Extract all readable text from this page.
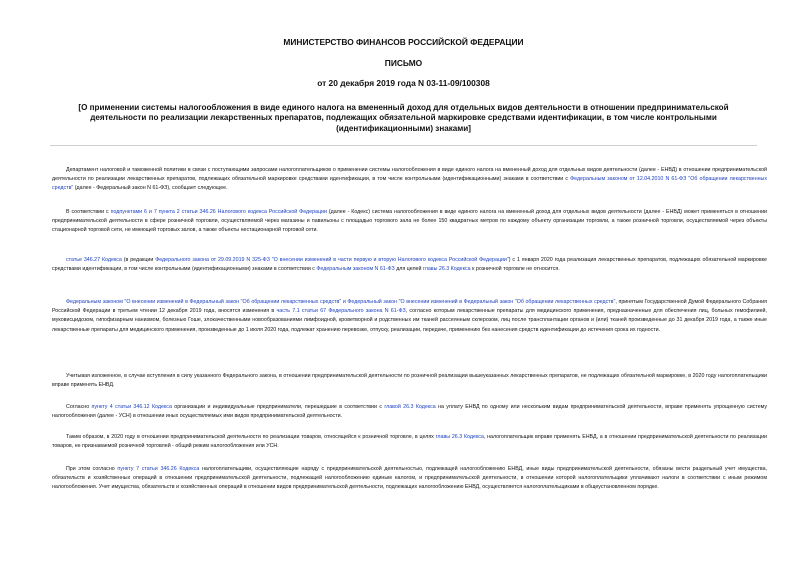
МИНИСТЕРСТВО ФИНАНСОВ РОССИЙСКОЙ ФЕДЕРАЦИИ
ПИСЬМО
от 20 декабря 2019 года N 03-11-09/100308
[О применении системы налогообложения в виде единого налога на вмененный доход для отдельных видов деятельности в отношении предпринимательской деятельности по реализации лекарственных препаратов, подлежащих обязательной маркировке средствами идентификации, в том числе контрольными (идентификационными) знаками]

Департамент налоговой и таможенной политики в связи с поступающими запросами налогоплательщиков о применении системы налогообложения в виде единого налога на вмененный доход для отдельных видов деятельности (далее - ЕНВД) в отношении предпринимательской деятельности по реализации лекарственных препаратов, подлежащих обязательной маркировке средствами идентификации, в том числе контрольными (идентификационными) знаками в соответствии с Федеральным законом от 12.04.2010 N 61-ФЗ "Об обращении лекарственных средств" (далее - Федеральный закон N 61-ФЗ), сообщает следующее.

В соответствии с подпунктами 6 и 7 пункта 2 статьи 346.26 Налогового кодекса Российской Федерации (далее - Кодекс) система налогообложения в виде единого налога на вмененный доход для отдельных видов деятельности (далее - ЕНВД) может применяться в отношении предпринимательской деятельности в сфере розничной торговли, осуществляемой через магазины и павильоны с площадью торгового зала не более 150 квадратных метров по каждому объекту организации торговли, а также розничной торговли, осуществляемой через объекты стационарной торговой сети, не имеющей торговых залов, а также объекты нестационарной торговой сети.

статье 346.27 Кодекса (в редакции Федерального закона от 29.09.2019 N 325-ФЗ "О внесении изменений в части первую и вторую Налогового кодекса Российской Федерации") с 1 января 2020 года реализация лекарственных препаратов, подлежащих обязательной маркировке средствами идентификации, в том числе контрольными (идентификационными) знаками в соответствии с Федеральным законом N 61-ФЗ для целей главы 26.3 Кодекса к розничной торговле не относится.

Федеральным законом "О внесении изменений в Федеральный закон "Об обращении лекарственных средств" и Федеральный закон "О внесении изменений в Федеральный закон "Об обращении лекарственных средств", принятым Государственной Думой Федерального Собрания Российской Федерации в третьем чтении 12 декабря 2019 года, вносятся изменения в часть 7.1 статьи 67 Федерального закона N 61-ФЗ, согласно которым лекарственные препараты для медицинского применения, предназначенные для обеспечения лиц, больных гемофилией, муковисцидозом, гипофизарным нанизмом, болезнью Гоше, злокачественными новообразованиями лимфоидной, кроветворной и родственных им тканей рассеянным склерозом, лиц после трансплантации органов и (или) тканей произведенные до 31 декабря 2019 года, а также иные лекарственные препараты для медицинского применения, произведенные до 1 июля 2020 года, подлежат хранению перевозке, отпуску, реализации, передаче, применению без нанесения средств идентификации до истечения срока их годности.

Учитывая изложенное, в случае вступления в силу указанного Федерального закона, в отношении предпринимательской деятельности по розничной реализации вышеуказанных лекарственных препаратов, не подлежащих обязательной маркировке, в 2020 году налогоплательщики вправе применять ЕНВД.

Согласно пункту 4 статьи 346.12 Кодекса организации и индивидуальные предприниматели, перешедшие в соответствии с главой 26.3 Кодекса на уплату ЕНВД по одному или нескольким видам предпринимательской деятельности, вправе применять упрощенную систему налогообложения (далее - УСН) в отношении иных осуществляемых ими видов предпринимательской деятельности.

Таким образом, в 2020 году в отношении предпринимательской деятельности по реализации товаров, относящейся к розничной торговле, в целях главы 26.3 Кодекса, налогоплательщик вправе применять ЕНВД, а в отношении предпринимательской деятельности по реализации товаров, не признаваемой розничной торговлей - общий режим налогообложения или УСН.

При этом согласно пункту 7 статьи 346.26 Кодекса налогоплательщики, осуществляющие наряду с предпринимательской деятельностью, подлежащей налогообложению ЕНВД, иные виды предпринимательской деятельности, обязаны вести раздельный учет имущества, обязательств и хозяйственных операций в отношении предпринимательской деятельности, подлежащей налогообложению единым налогом, и предпринимательской деятельности, в отношении которой налогоплательщики уплачивают налоги в соответствии с иным режимом налогообложения. Учет имущества, обязательств и хозяйственных операций в отношении видов предпринимательской деятельности, подлежащих налогообложению ЕНВД, осуществляется налогоплательщиками в общеустановленном порядке.
